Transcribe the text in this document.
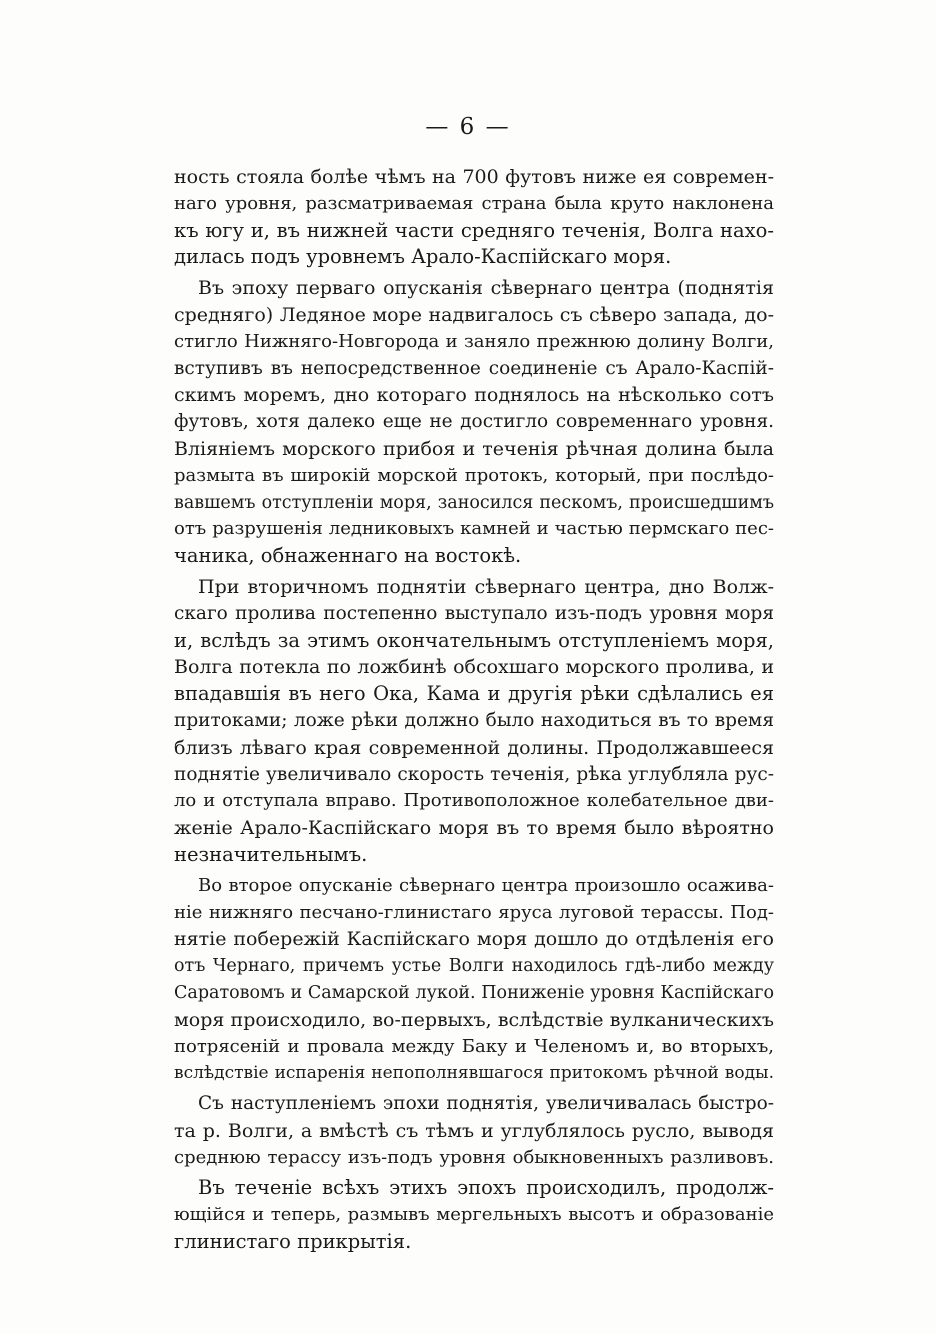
— 6 —

ность стояла болѣе чѣмъ на 700 футовъ ниже ея современ-
наго уровня, разсматриваемая страна была круто наклонена
къ югу и, въ нижней части средняго теченія, Волга нахо-
дилась подъ уровнемъ Арало-Каспійскаго моря.

Въ эпоху перваго опусканія сѣвернаго центра (поднятія
средняго) Ледяное море надвигалось съ сѣверо запада, до-
стигло Нижняго-Новгорода и заняло прежнюю долину Волги,
вступивъ въ непосредственное соединеніе съ Арало-Каспій-
скимъ моремъ, дно котораго поднялось на нѣсколько сотъ
футовъ, хотя далеко еще не достигло современнаго уровня.
Вліяніемъ морского прибоя и теченія рѣчная долина была
размыта въ широкій морской протокъ, который, при послѣдо-
вавшемъ отступленіи моря, заносился пескомъ, происшедшимъ
отъ разрушенія ледниковыхъ камней и частью пермскаго пес-
чаника, обнаженнаго на востокѣ.

При вторичномъ поднятіи сѣвернаго центра, дно Волж-
скаго пролива постепенно выступало изъ-подъ уровня моря
и, вслѣдъ за этимъ окончательнымъ отступленіемъ моря,
Волга потекла по ложбинѣ обсохшаго морского пролива, и
впадавшія въ него Ока, Кама и другія рѣки сдѣлались ея
притоками; ложе рѣки должно было находиться въ то время
близъ лѣваго края современной долины. Продолжавшееся
поднятіе увеличивало скорость теченія, рѣка углубляла рус-
ло и отступала вправо. Противоположное колебательное дви-
женіе Арало-Каспійскаго моря въ то время было вѣроятно
незначительнымъ.

Во второе опусканіе сѣвернаго центра произошло осажива-
ніе нижняго песчано-глинистаго яруса луговой терассы. Под-
нятіе побережій Каспійскаго моря дошло до отдѣленія его
отъ Чернаго, причемъ устье Волги находилось гдѣ-либо между
Саратовомъ и Самарской лукой. Пониженіе уровня Каспійскаго
моря происходило, во-первыхъ, вслѣдствіе вулканическихъ
потрясеній и провала между Баку и Челеномъ и, во вторыхъ,
вслѣдствіе испаренія непополнявшагося притокомъ рѣчной воды.

Съ наступленіемъ эпохи поднятія, увеличивалась быстро-
та р. Волги, а вмѣстѣ съ тѣмъ и углублялось русло, выводя
среднюю терассу изъ-подъ уровня обыкновенныхъ разливовъ.

Въ теченіе всѣхъ этихъ эпохъ происходилъ, продолж-
ющійся и теперь, размывъ мергельныхъ высотъ и образованіе
глинистаго прикрытія.
